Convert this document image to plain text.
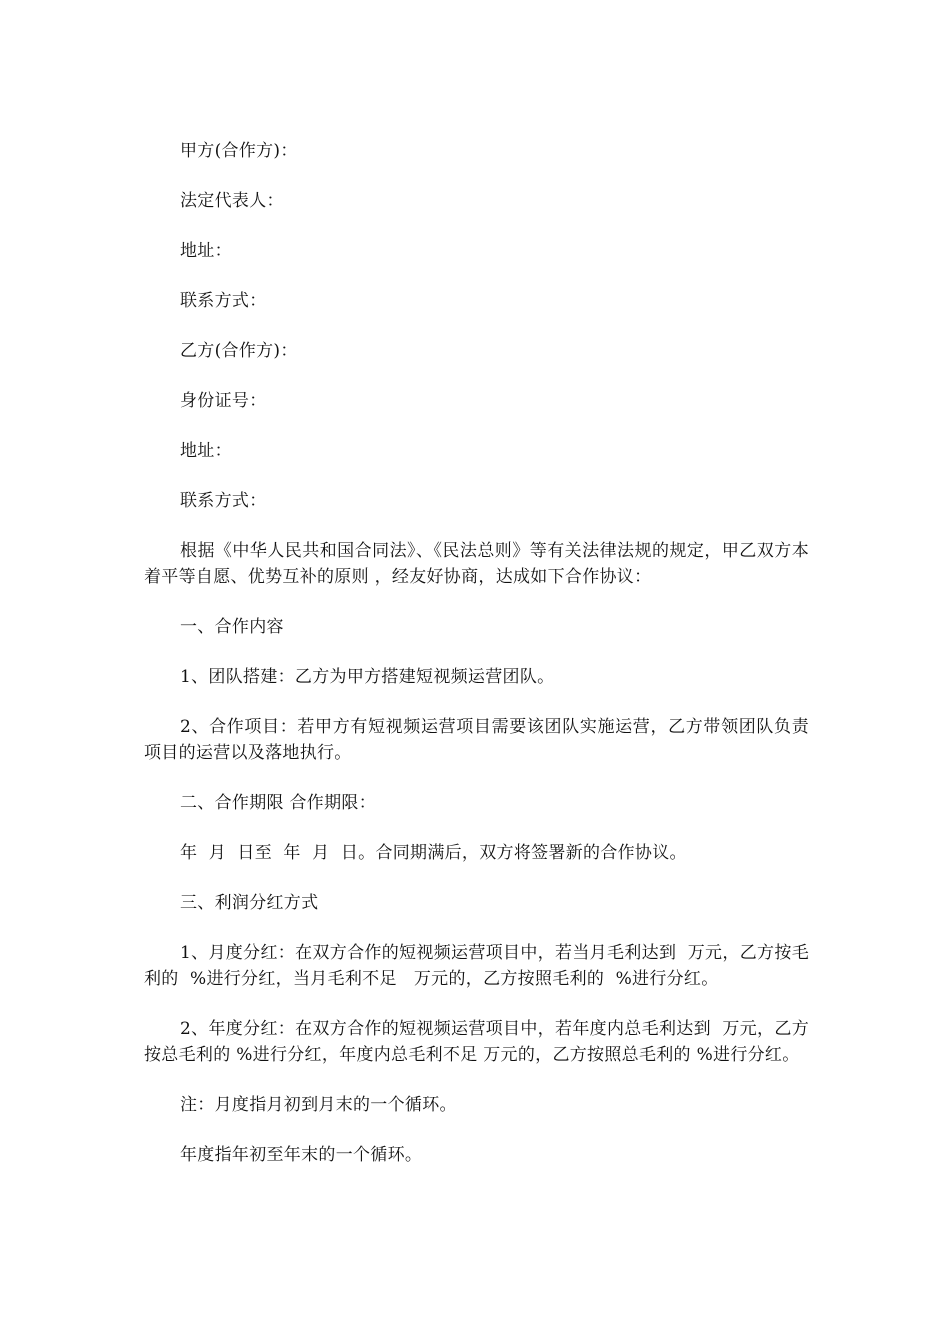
甲方(合作方)：

法定代表人：

地址：

联系方式：

乙方(合作方)：

身份证号：

地址：

联系方式：

根据《中华人民共和国合同法》、《民法总则》等有关法律法规的规定，甲乙双方本着平等自愿、优势互补的原则 ，经友好协商，达成如下合作协议：

一、合作内容

1、团队搭建：乙方为甲方搭建短视频运营团队。

2、合作项目：若甲方有短视频运营项目需要该团队实施运营，乙方带领团队负责项目的运营以及落地执行。

二、合作期限 合作期限：

年  月  日至  年  月  日。合同期满后，双方将签署新的合作协议。

三、利润分红方式

1、月度分红：在双方合作的短视频运营项目中，若当月毛利达到  万元，乙方按毛利的  %进行分红，当月毛利不足   万元的，乙方按照毛利的  %进行分红。

2、年度分红：在双方合作的短视频运营项目中，若年度内总毛利达到  万元，乙方按总毛利的 %进行分红，年度内总毛利不足 万元的，乙方按照总毛利的 %进行分红。

注：月度指月初到月末的一个循环。

年度指年初至年末的一个循环。
